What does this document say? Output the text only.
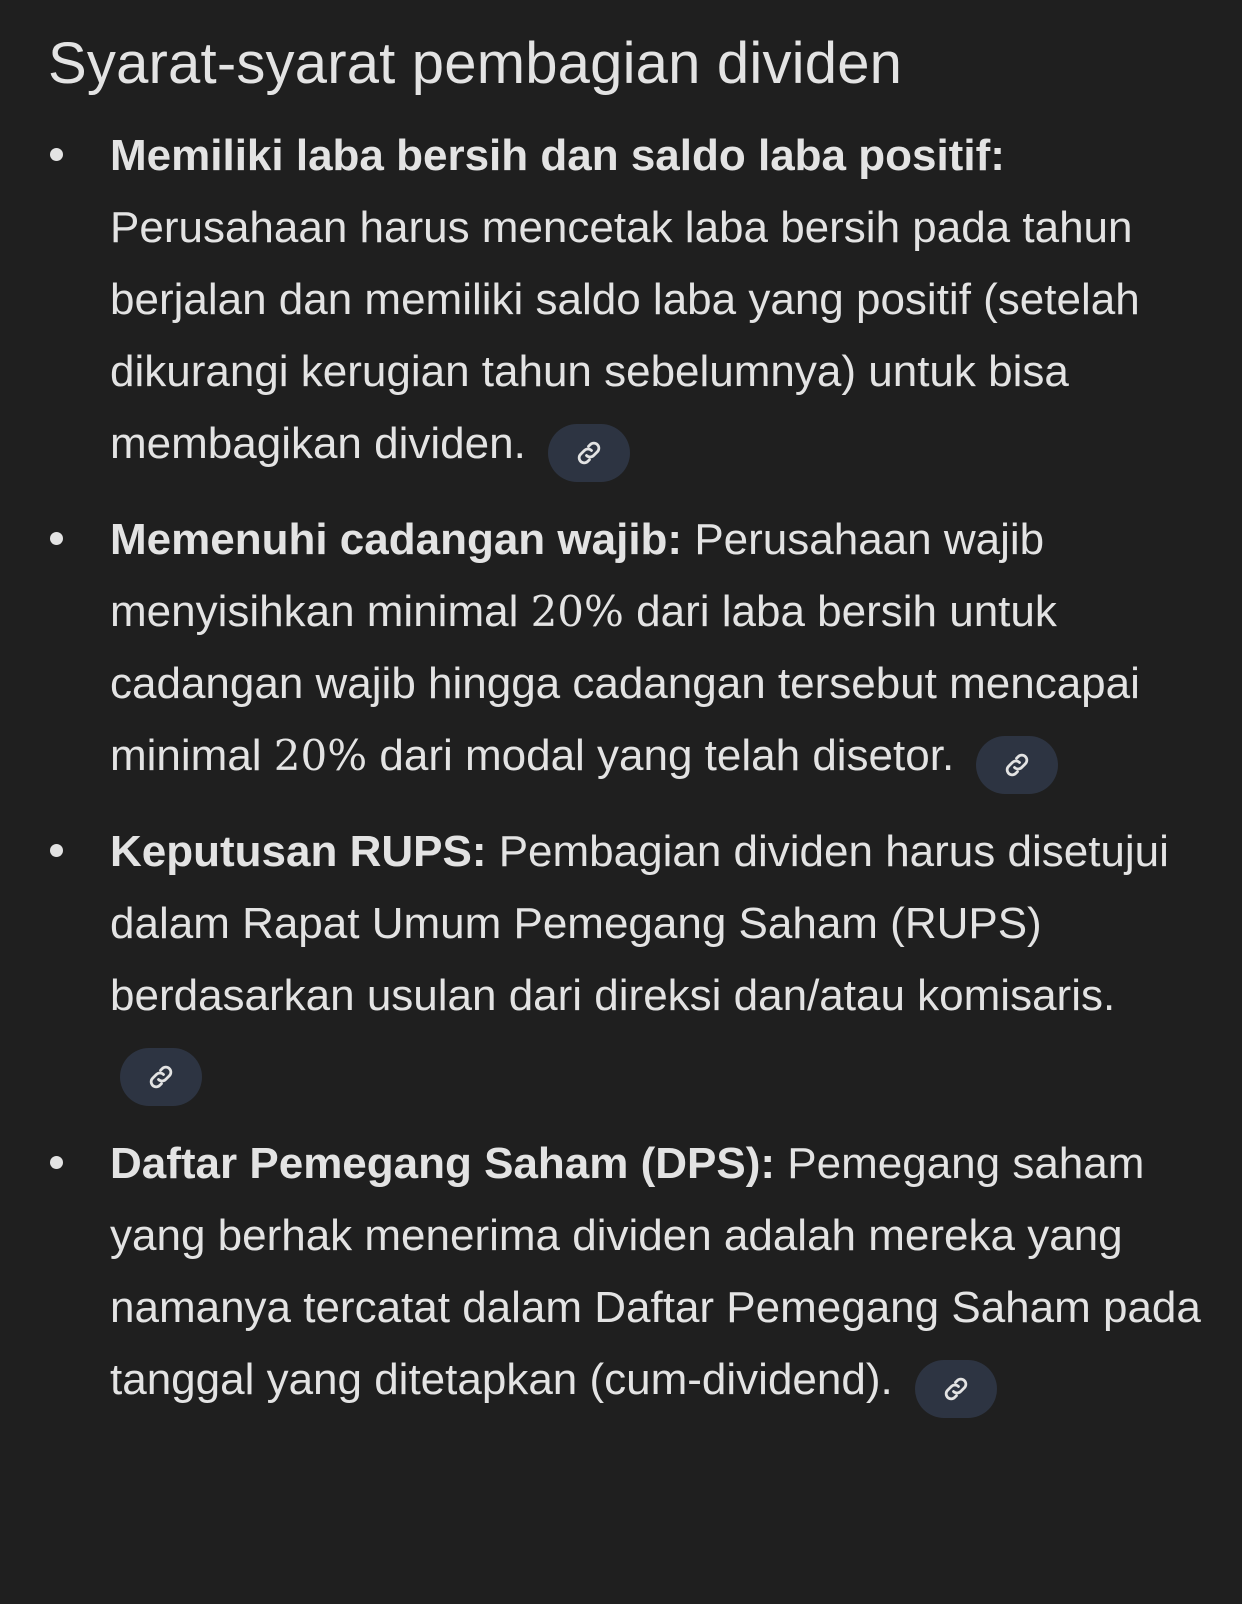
Syarat-syarat pembagian dividen
Memiliki laba bersih dan saldo laba positif: Perusahaan harus mencetak laba bersih pada tahun berjalan dan memiliki saldo laba yang positif (setelah dikurangi kerugian tahun sebelumnya) untuk bisa membagikan dividen.
Memenuhi cadangan wajib: Perusahaan wajib menyisihkan minimal 20% dari laba bersih untuk cadangan wajib hingga cadangan tersebut mencapai minimal 20% dari modal yang telah disetor.
Keputusan RUPS: Pembagian dividen harus disetujui dalam Rapat Umum Pemegang Saham (RUPS) berdasarkan usulan dari direksi dan/atau komisaris.
Daftar Pemegang Saham (DPS): Pemegang saham yang berhak menerima dividen adalah mereka yang namanya tercatat dalam Daftar Pemegang Saham pada tanggal yang ditetapkan (cum-dividend).
